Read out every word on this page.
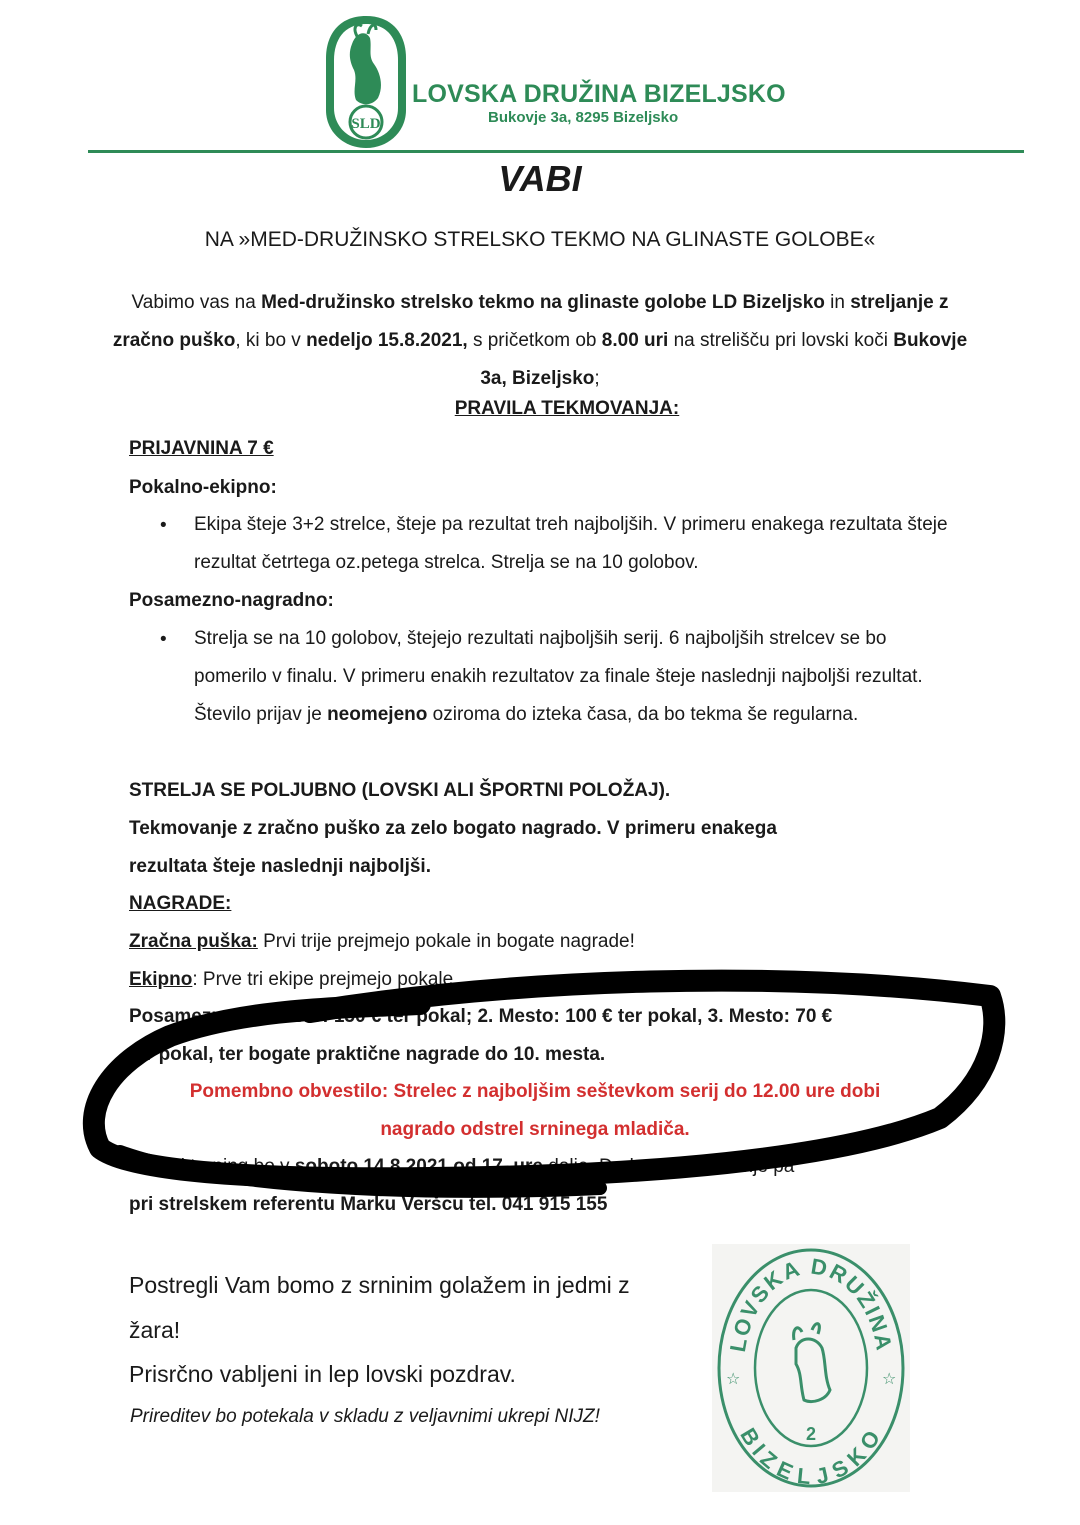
SLD
LOVSKA DRUŽINA BIZELJSKO
Bukovje 3a, 8295 Bizeljsko
VABI
NA »MED-DRUŽINSKO STRELSKO TEKMO NA GLINASTE GOLOBE«
Vabimo vas na Med-družinsko strelsko tekmo na glinaste golobe LD Bizeljsko in streljanje z zračno puško, ki bo v nedeljo 15.8.2021, s pričetkom ob 8.00 uri na strelišču pri lovski koči Bukovje 3a, Bizeljsko;
PRAVILA TEKMOVANJA:
PRIJAVNINA 7 €
Pokalno-ekipno:
• Ekipa šteje 3+2 strelce, šteje pa rezultat treh najboljših. V primeru enakega rezultata šteje rezultat četrtega oz.petega strelca. Strelja se na 10 golobov.
Posamezno-nagradno:
• Strelja se na 10 golobov, štejejo rezultati najboljših serij. 6 najboljših strelcev se bo pomerilo v finalu. V primeru enakih rezultatov za finale šteje naslednji najboljši rezultat. Število prijav je neomejeno oziroma do izteka časa, da bo tekma še regularna.
STRELJA SE POLJUBNO (LOVSKI ALI ŠPORTNI POLOŽAJ).
Tekmovanje z zračno puško za zelo bogato nagrado. V primeru enakega
rezultata šteje naslednji najboljši.
NAGRADE:
Zračna puška: Prvi trije prejmejo pokale in bogate nagrade!
Ekipno: Prve tri ekipe prejmejo pokale.
Posamezno: 1. Mesto: 150 € ter pokal; 2. Mesto: 100 € ter pokal, 3. Mesto: 70 €
ter pokal, ter bogate praktične nagrade do 10. mesta.
Pomembno obvestilo: Strelec z najboljšim seštevkom serij do 12.00 ure dobi
nagrado odstrel srninega mladiča.
Uradni trening bo v soboto 14.8.2021 od 17. ure dalje. Dodatne informacije pa
pri strelskem referentu Marku Veršcu tel. 041 915 155
Postregli Vam bomo z srninim golažem in jedmi z
žara!
Prisrčno vabljeni in lep lovski pozdrav.
Prireditev bo potekala v skladu z veljavnimi ukrepi NIJZ!
LOVSKA DRUŽINA
BIZELJSKO
☆	☆
2
